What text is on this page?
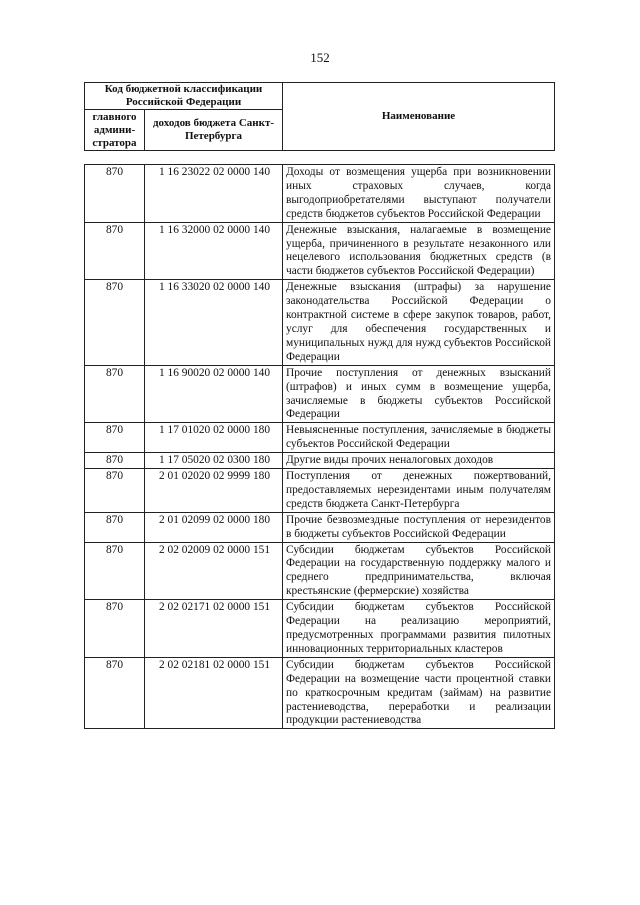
152
Код бюджетной классификации Российской Федерации		Наименование
главного админи-стратора	доходов бюджета Санкт-Петербурга	
870	1 16 23022 02 0000 140	Доходы от возмещения ущерба при возникновении иных страховых случаев, когда выгодоприобретателями выступают получатели средств бюджетов субъектов Российской Федерации
870	1 16 32000 02 0000 140	Денежные взыскания, налагаемые в возмещение ущерба, причиненного в результате незаконного или нецелевого использования бюджетных средств (в части бюджетов субъектов Российской Федерации)
870	1 16 33020 02 0000 140	Денежные взыскания (штрафы) за нарушение законодательства Российской Федерации о контрактной системе в сфере закупок товаров, работ, услуг для обеспечения государственных и муниципальных нужд для нужд субъектов Российской Федерации
870	1 16 90020 02 0000 140	Прочие поступления от денежных взысканий (штрафов) и иных сумм в возмещение ущерба, зачисляемые в бюджеты субъектов Российской Федерации
870	1 17 01020 02 0000 180	Невыясненные поступления, зачисляемые в бюджеты субъектов Российской Федерации
870	1 17 05020 02 0300 180	Другие виды прочих неналоговых доходов
870	2 01 02020 02 9999 180	Поступления от денежных пожертвований, предоставляемых нерезидентами иным получателям средств бюджета Санкт-Петербурга
870	2 01 02099 02 0000 180	Прочие безвозмездные поступления от нерезидентов в бюджеты субъектов Российской Федерации
870	2 02 02009 02 0000 151	Субсидии бюджетам субъектов Российской Федерации на государственную поддержку малого и среднего предпринимательства, включая крестьянские (фермерские) хозяйства
870	2 02 02171 02 0000 151	Субсидии бюджетам субъектов Российской Федерации на реализацию мероприятий, предусмотренных программами развития пилотных инновационных территориальных кластеров
870	2 02 02181 02 0000 151	Субсидии бюджетам субъектов Российской Федерации на возмещение части процентной ставки по краткосрочным кредитам (займам) на развитие растениеводства, переработки и реализации продукции растениеводства
